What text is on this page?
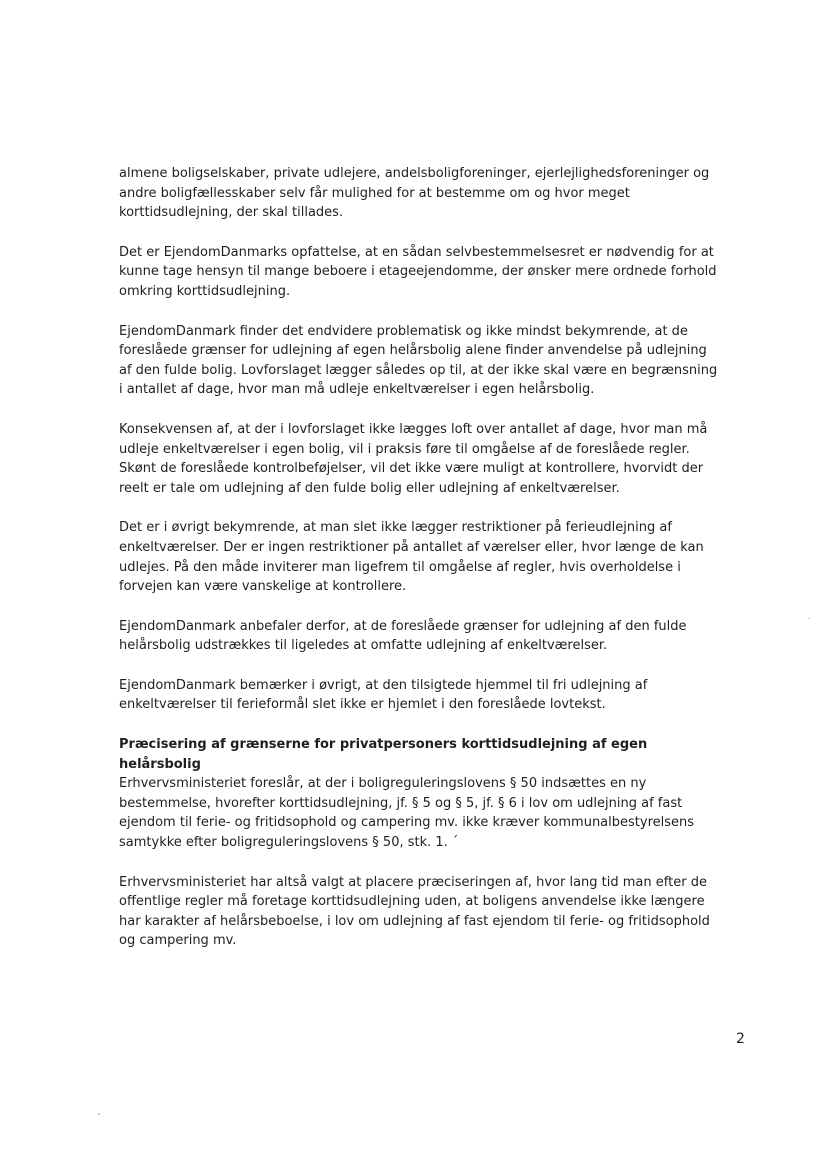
almene boligselskaber, private udlejere, andelsboligforeninger, ejerlejlighedsforeninger og andre boligfællesskaber selv får mulighed for at bestemme om og hvor meget korttidsudlejning, der skal tillades.

Det er EjendomDanmarks opfattelse, at en sådan selvbestemmelsesret er nødvendig for at kunne tage hensyn til mange beboere i etageejendomme, der ønsker mere ordnede forhold omkring korttidsudlejning.

EjendomDanmark finder det endvidere problematisk og ikke mindst bekymrende, at de foreslåede grænser for udlejning af egen helårsbolig alene finder anvendelse på udlejning af den fulde bolig. Lovforslaget lægger således op til, at der ikke skal være en begrænsning i antallet af dage, hvor man må udleje enkeltværelser i egen helårsbolig.

Konsekvensen af, at der i lovforslaget ikke lægges loft over antallet af dage, hvor man må udleje enkeltværelser i egen bolig, vil i praksis føre til omgåelse af de foreslåede regler. Skønt de foreslåede kontrolbeføjelser, vil det ikke være muligt at kontrollere, hvorvidt der reelt er tale om udlejning af den fulde bolig eller udlejning af enkeltværelser.

Det er i øvrigt bekymrende, at man slet ikke lægger restriktioner på ferieudlejning af enkeltværelser. Der er ingen restriktioner på antallet af værelser eller, hvor længe de kan udlejes. På den måde inviterer man ligefrem til omgåelse af regler, hvis overholdelse i forvejen kan være vanskelige at kontrollere.

EjendomDanmark anbefaler derfor, at de foreslåede grænser for udlejning af den fulde helårsbolig udstrækkes til ligeledes at omfatte udlejning af enkeltværelser.

EjendomDanmark bemærker i øvrigt, at den tilsigtede hjemmel til fri udlejning af enkeltværelser til ferieformål slet ikke er hjemlet i den foreslåede lovtekst.

Præcisering af grænserne for privatpersoners korttidsudlejning af egen helårsbolig
Erhvervsministeriet foreslår, at der i boligreguleringslovens § 50 indsættes en ny bestemmelse, hvorefter korttidsudlejning, jf. § 5 og § 5, jf. § 6 i lov om udlejning af fast ejendom til ferie- og fritidsophold og campering mv. ikke kræver kommunalbestyrelsens samtykke efter boligreguleringslovens § 50, stk. 1. ´

Erhvervsministeriet har altså valgt at placere præciseringen af, hvor lang tid man efter de offentlige regler må foretage korttidsudlejning uden, at boligens anvendelse ikke længere har karakter af helårsbeboelse, i lov om udlejning af fast ejendom til ferie- og fritidsophold og campering mv.

2
